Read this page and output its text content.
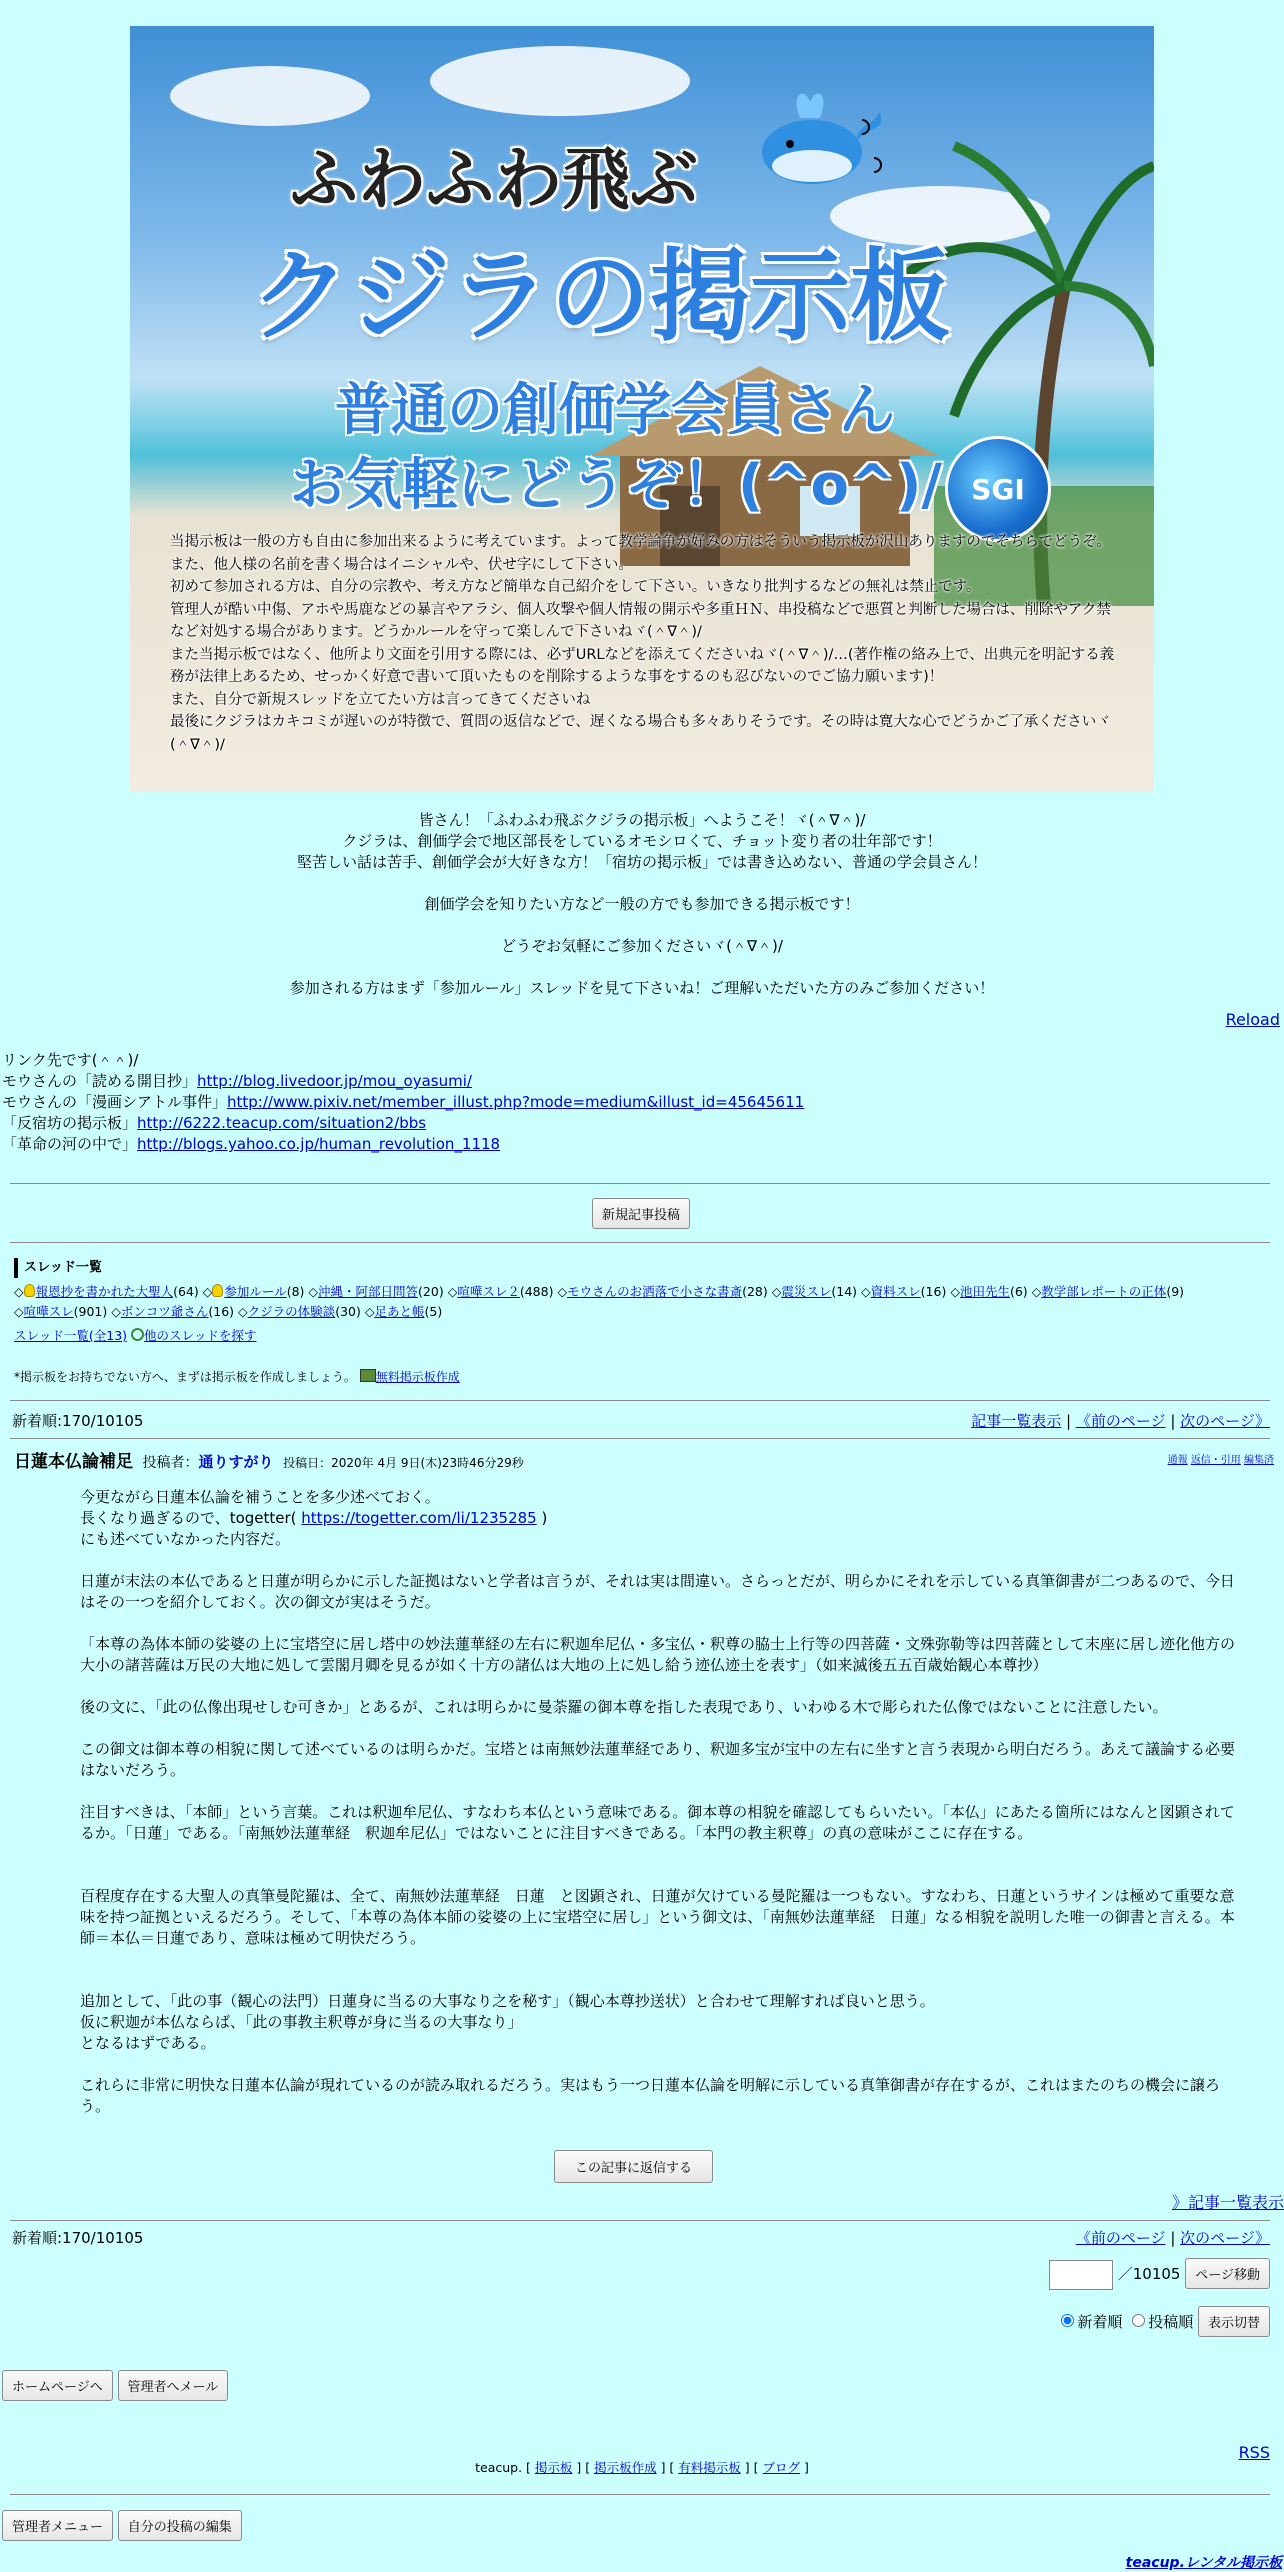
ふわふわ飛ぶ
クジラの掲示板
普通の創価学会員さん
お気軽にどうぞ！(^o^)/ SGI
当掲示板は一般の方も自由に参加出来るように考えています。よって教学論争が好みの方はそういう掲示板が沢山ありますのでそちらでどうぞ。
また、他人様の名前を書く場合はイニシャルや、伏せ字にして下さい。
初めて参加される方は、自分の宗教や、考え方など簡単な自己紹介をして下さい。いきなり批判するなどの無礼は禁止です。
管理人が酷い中傷、アホや馬鹿などの暴言やアラシ、個人攻撃や個人情報の開示や多重ＨＮ、串投稿などで悪質と判断した場合は、削除やアク禁など対処する場合があります。どうかルールを守って楽しんで下さいねヾ(＾∇＾)/
また当掲示板ではなく、他所より文面を引用する際には、必ずURLなどを添えてくださいねヾ(＾∇＾)/…(著作権の絡み上で、出典元を明記する義務が法律上あるため、せっかく好意で書いて頂いたものを削除するような事をするのも忍びないのでご協力願います)！
また、自分で新規スレッドを立てたい方は言ってきてくださいね
最後にクジラはカキコミが遅いのが特徴で、質問の返信などで、遅くなる場合も多々ありそうです。その時は寛大な心でどうかご了承くださいヾ(＾∇＾)/

皆さん！「ふわふわ飛ぶクジラの掲示板」へようこそ！ヾ(＾∇＾)/
クジラは、創価学会で地区部長をしているオモシロくて、チョット変り者の壮年部です！
堅苦しい話は苦手、創価学会が大好きな方！「宿坊の掲示板」では書き込めない、普通の学会員さん！

創価学会を知りたい方など一般の方でも参加できる掲示板です！

どうぞお気軽にご参加くださいヾ(＾∇＾)/

参加される方はまず「参加ルール」スレッドを見て下さいね！ご理解いただいた方のみご参加ください！

Reload
リンク先です(＾＾)/
モウさんの「読める開目抄」http://blog.livedoor.jp/mou_oyasumi/
モウさんの「漫画シアトル事件」http://www.pixiv.net/member_illust.php?mode=medium&illust_id=45645611
「反宿坊の掲示板」http://6222.teacup.com/situation2/bbs
「革命の河の中で」http://blogs.yahoo.co.jp/human_revolution_1118
新規記事投稿
スレッド一覧
◇ 報恩抄を書かれた大聖人(64) ◇ 参加ルール(8) ◇沖縄・阿部日問答(20) ◇喧嘩スレ２(488) ◇モウさんのお洒落で小さな書斎(28) ◇震災スレ(14) ◇資料スレ(16) ◇池田先生(6) ◇教学部レポートの正体(9)
◇喧嘩スレ(901) ◇ボンコツ爺さん(16) ◇クジラの体験談(30) ◇足あと帳(5)
スレッド一覧(全13) 他のスレッドを探す
*掲示板をお持ちでない方へ、まずは掲示板を作成しましょう。 無料掲示板作成
新着順:170/10105	記事一覧表示 | 《前のページ | 次のページ》
日蓮本仏論補足 投稿者：通りすがり 投稿日：2020年 4月 9日(木)23時46分29秒	通報 返信・引用 編集済

今更ながら日蓮本仏論を補うことを多少述べておく。
長くなり過ぎるので、togetter( https://togetter.com/li/1235285 )
にも述べていなかった内容だ。

日蓮が末法の本仏であると日蓮が明らかに示した証拠はないと学者は言うが、それは実は間違い。さらっとだが、明らかにそれを示している真筆御書が二つあるので、今日はその一つを紹介しておく。次の御文が実はそうだ。

「本尊の為体本師の娑婆の上に宝塔空に居し塔中の妙法蓮華経の左右に釈迦牟尼仏・多宝仏・釈尊の脇士上行等の四菩薩・文殊弥勒等は四菩薩として末座に居し迹化他方の大小の諸菩薩は万民の大地に処して雲閣月卿を見るが如く十方の諸仏は大地の上に処し給う迹仏迹土を表す」（如来滅後五五百歳始観心本尊抄）

後の文に、「此の仏像出現せしむ可きか」とあるが、これは明らかに曼荼羅の御本尊を指した表現であり、いわゆる木で彫られた仏像ではないことに注意したい。

この御文は御本尊の相貌に関して述べているのは明らかだ。宝塔とは南無妙法蓮華経であり、釈迦多宝が宝中の左右に坐すと言う表現から明白だろう。あえて議論する必要はないだろう。

注目すべきは、「本師」という言葉。これは釈迦牟尼仏、すなわち本仏という意味である。御本尊の相貌を確認してもらいたい。「本仏」にあたる箇所にはなんと図顕されてるか。「日蓮」である。「南無妙法蓮華経　釈迦牟尼仏」ではないことに注目すべきである。「本門の教主釈尊」の真の意味がここに存在する。

百程度存在する大聖人の真筆曼陀羅は、全て、南無妙法蓮華経　日蓮　と図顕され、日蓮が欠けている曼陀羅は一つもない。すなわち、日蓮というサインは極めて重要な意味を持つ証拠といえるだろう。そして、「本尊の為体本師の娑婆の上に宝塔空に居し」という御文は、「南無妙法蓮華経　日蓮」なる相貌を説明した唯一の御書と言える。本師＝本仏＝日蓮であり、意味は極めて明快だろう。

追加として、「此の事（観心の法門）日蓮身に当るの大事なり之を秘す」（観心本尊抄送状）と合わせて理解すれば良いと思う。
仮に釈迦が本仏ならば、「此の事教主釈尊が身に当るの大事なり」
となるはずである。

これらに非常に明快な日蓮本仏論が現れているのが読み取れるだろう。実はもう一つ日蓮本仏論を明解に示している真筆御書が存在するが、これはまたのちの機会に譲ろう。

この記事に返信する
》記事一覧表示
新着順:170/10105	《前のページ | 次のページ》
／10105 ページ移動
新着順 投稿順 表示切替
ホームページへ 管理者へメール
RSS
teacup. [ 掲示板 ] [ 掲示板作成 ] [ 有料掲示板 ] [ ブログ ]
管理者メニュー 自分の投稿の編集
teacup.レンタル掲示板
